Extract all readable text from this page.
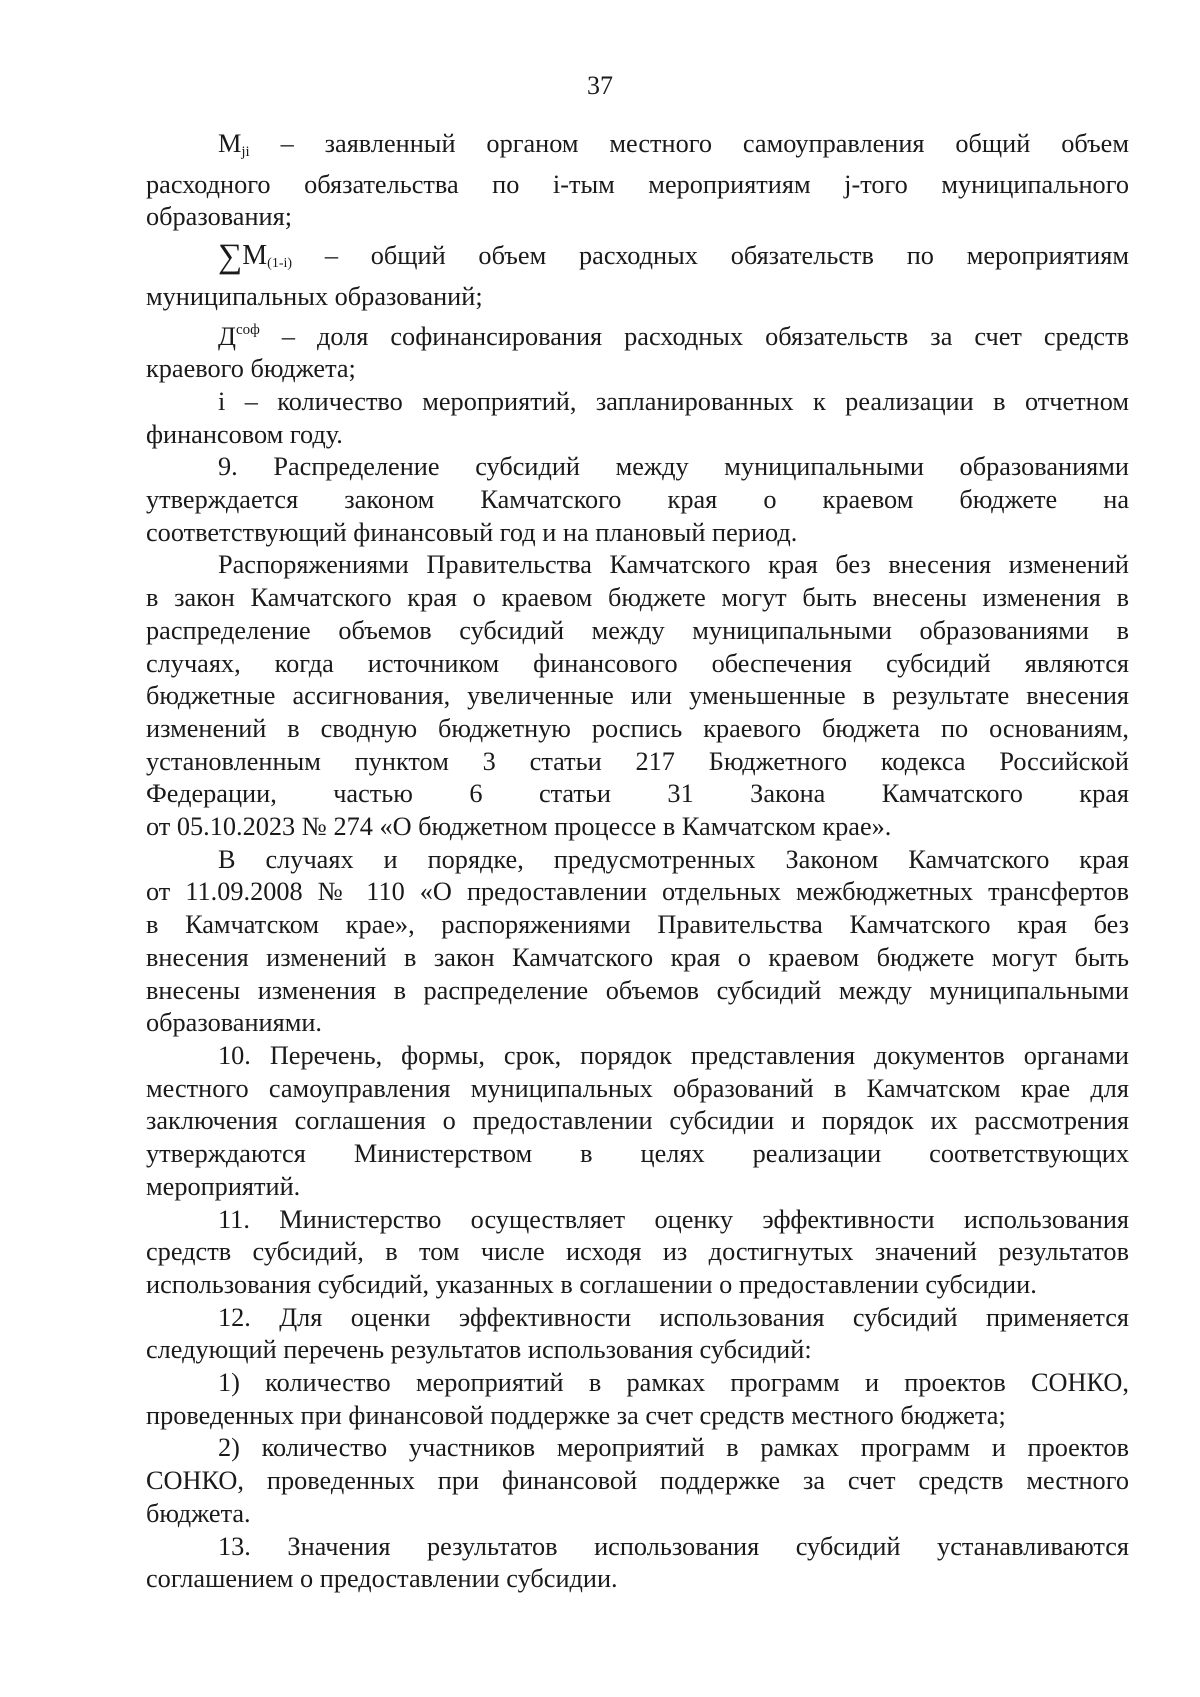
37
$M_{ji}$ – заявленный органом местного самоуправления общий объем
расходного обязательства по i-тым мероприятиям j-того муниципального
образования;
∑M(1-i) – общий объем расходных обязательств по мероприятиям
муниципальных образований;
$Д^{соф}$ – доля софинансирования расходных обязательств за счет средств
краевого бюджета;
i – количество мероприятий, запланированных к реализации в отчетном
финансовом году.
9. Распределение субсидий между муниципальными образованиями
утверждается законом Камчатского края о краевом бюджете на
соответствующий финансовый год и на плановый период.
Распоряжениями Правительства Камчатского края без внесения изменений
в закон Камчатского края о краевом бюджете могут быть внесены изменения в
распределение объемов субсидий между муниципальными образованиями в
случаях, когда источником финансового обеспечения субсидий являются
бюджетные ассигнования, увеличенные или уменьшенные в результате внесения
изменений в сводную бюджетную роспись краевого бюджета по основаниям,
установленным пунктом 3 статьи 217 Бюджетного кодекса Российской
Федерации, частью 6 статьи 31 Закона Камчатского края
от 05.10.2023 № 274 «О бюджетном процессе в Камчатском крае».
В случаях и порядке, предусмотренных Законом Камчатского края
от 11.09.2008 № 110 «О предоставлении отдельных межбюджетных трансфертов
в Камчатском крае», распоряжениями Правительства Камчатского края без
внесения изменений в закон Камчатского края о краевом бюджете могут быть
внесены изменения в распределение объемов субсидий между муниципальными
образованиями.
10. Перечень, формы, срок, порядок представления документов органами
местного самоуправления муниципальных образований в Камчатском крае для
заключения соглашения о предоставлении субсидии и порядок их рассмотрения
утверждаются Министерством в целях реализации соответствующих
мероприятий.
11. Министерство осуществляет оценку эффективности использования
средств субсидий, в том числе исходя из достигнутых значений результатов
использования субсидий, указанных в соглашении о предоставлении субсидии.
12. Для оценки эффективности использования субсидий применяется
следующий перечень результатов использования субсидий:
1) количество мероприятий в рамках программ и проектов СОНКО,
проведенных при финансовой поддержке за счет средств местного бюджета;
2) количество участников мероприятий в рамках программ и проектов
СОНКО, проведенных при финансовой поддержке за счет средств местного
бюджета.
13. Значения результатов использования субсидий устанавливаются
соглашением о предоставлении субсидии.
